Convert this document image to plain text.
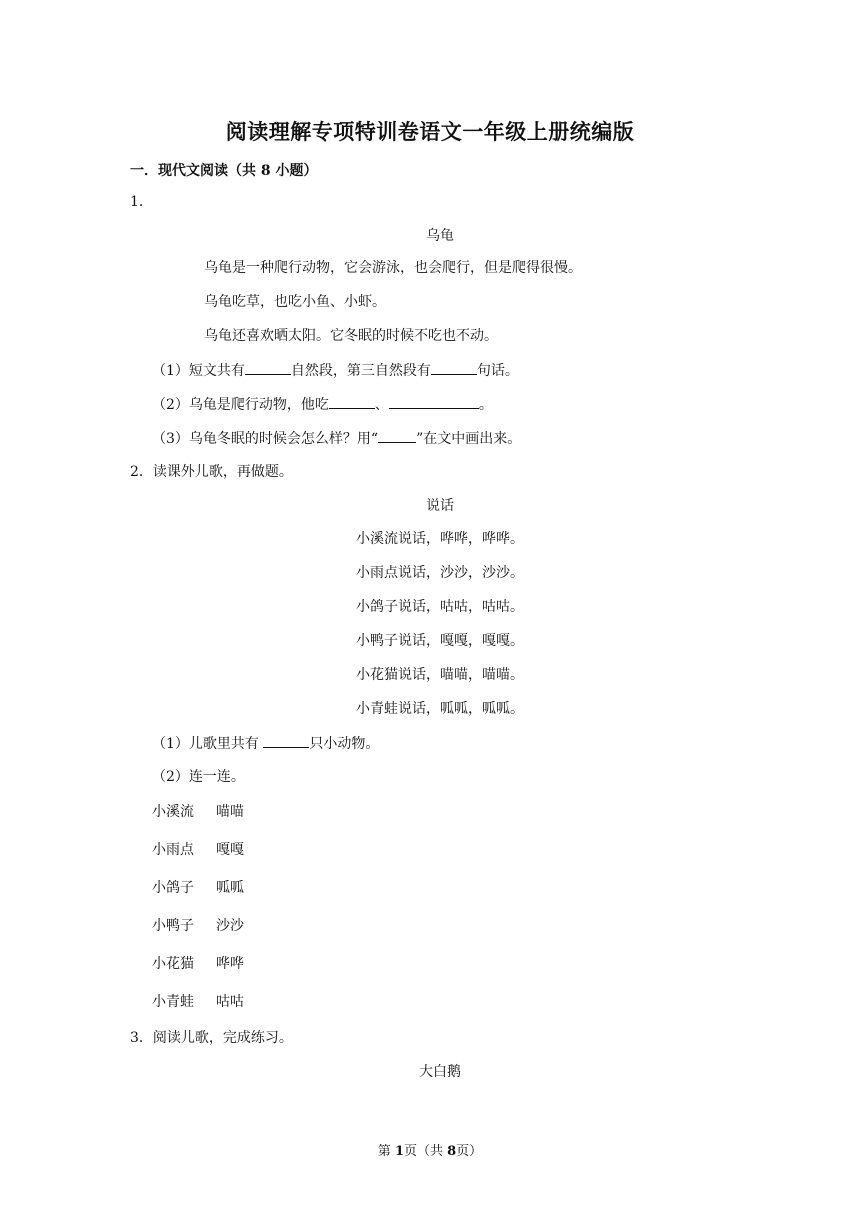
阅读理解专项特训卷语文一年级上册统编版
一．现代文阅读（共 8 小题）
1．
乌龟
乌龟是一种爬行动物，它会游泳，也会爬行，但是爬得很慢。
乌龟吃草，也吃小鱼、小虾。
乌龟还喜欢晒太阳。它冬眠的时候不吃也不动。
（1）短文共有	自然段，第三自然段有	句话。
（2）乌龟是爬行动物，他吃	、	。
（3）乌龟冬眠的时候会怎么样？用“	”在文中画出来。
2．读课外儿歌，再做题。
说话
小溪流说话，哗哗，哗哗。
小雨点说话，沙沙，沙沙。
小鸽子说话，咕咕，咕咕。
小鸭子说话，嘎嘎，嘎嘎。
小花猫说话，喵喵，喵喵。
小青蛙说话，呱呱，呱呱。
（1）儿歌里共有	只小动物。
（2）连一连。
小溪流 喵喵
小雨点 嘎嘎
小鸽子 呱呱
小鸭子 沙沙
小花猫 哗哗
小青蛙 咕咕
3．阅读儿歌，完成练习。
大白鹅
第 1页（共 8页）
